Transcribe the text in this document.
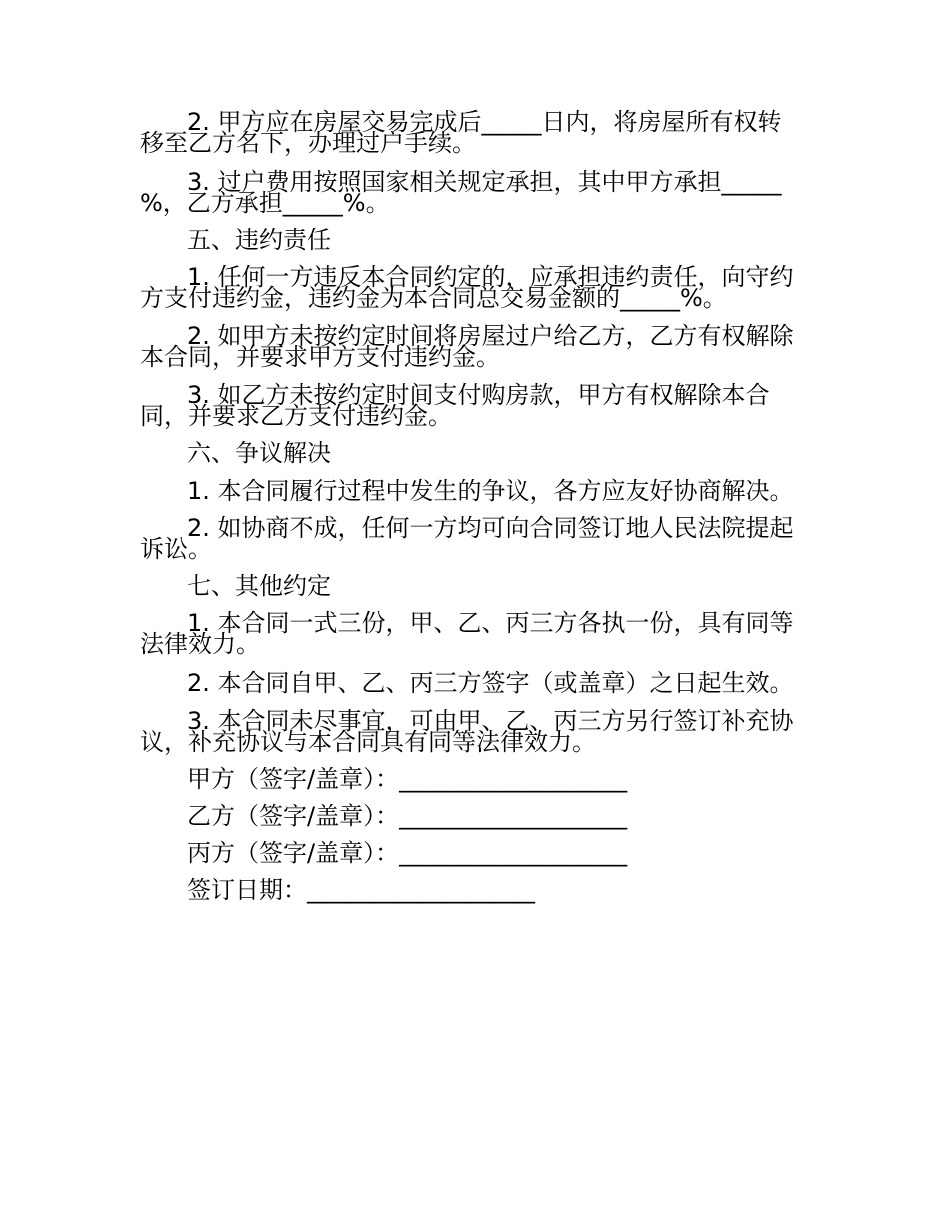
2. 甲方应在房屋交易完成后_____日内，将房屋所有权转

移至乙方名下，办理过户手续。

3. 过户费用按照国家相关规定承担，其中甲方承担_____

%，乙方承担_____%。

五、违约责任

1. 任何一方违反本合同约定的，应承担违约责任，向守约

方支付违约金，违约金为本合同总交易金额的_____%。

2. 如甲方未按约定时间将房屋过户给乙方，乙方有权解除

本合同，并要求甲方支付违约金。

3. 如乙方未按约定时间支付购房款，甲方有权解除本合

同，并要求乙方支付违约金。

六、争议解决

1. 本合同履行过程中发生的争议，各方应友好协商解决。

2. 如协商不成，任何一方均可向合同签订地人民法院提起

诉讼。

七、其他约定

1. 本合同一式三份，甲、乙、丙三方各执一份，具有同等

法律效力。

2. 本合同自甲、乙、丙三方签字（或盖章）之日起生效。

3. 本合同未尽事宜，可由甲、乙、丙三方另行签订补充协

议，补充协议与本合同具有同等法律效力。

甲方（签字/盖章）：___________________

乙方（签字/盖章）：___________________

丙方（签字/盖章）：___________________

签订日期：___________________
